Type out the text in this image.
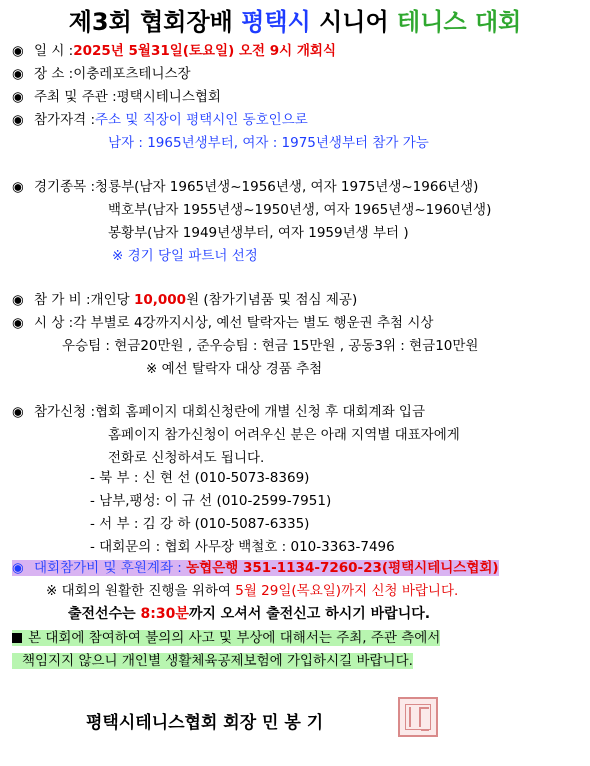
제3회 협회장배 평택시 시니어 테니스 대회
◉ 일 시 :2025년 5월31일(토요일) 오전 9시 개회식
◉ 장 소 :이충레포츠테니스장
◉ 주최 및 주관 :평택시테니스협회
◉ 참가자격 :주소 및 직장이 평택시인 동호인으로
남자 : 1965년생부터, 여자 : 1975년생부터 참가 가능
◉ 경기종목 :청룡부(남자 1965년생~1956년생, 여자 1975년생~1966년생)
백호부(남자 1955년생~1950년생, 여자 1965년생~1960년생)
봉황부(남자 1949년생부터, 여자 1959년생 부터 )
※ 경기 당일 파트너 선정
◉ 참 가 비 :개인당 10,000원 (참가기념품 및 점심 제공)
◉ 시 상 :각 부별로 4강까지시상, 예선 탈락자는 별도 행운권 추첨 시상
우승팀 : 현금20만원 , 준우승팀 : 현금 15만원 , 공동3위 : 현금10만원
※ 예선 탈락자 대상 경품 추첨
◉ 참가신청 :협회 홈페이지 대회신청란에 개별 신청 후 대회계좌 입금
홈페이지 참가신청이 어려우신 분은 아래 지역별 대표자에게
전화로 신청하셔도 됩니다.
- 북 부 : 신 현 선 (010-5073-8369)
- 남부,팽성: 이 규 선 (010-2599-7951)
- 서 부 : 김 강 하 (010-5087-6335)
- 대회문의 : 협회 사무장 백철호 : 010-3363-7496
◉ 대회참가비 및 후원계좌 : 농협은행 351-1134-7260-23(평택시테니스협회)
※ 대회의 원활한 진행을 위하여 5월 29일(목요일)까지 신청 바랍니다.
출전선수는 8:30분까지 오셔서 출전신고 하시기 바랍니다.
본 대회에 참여하여 불의의 사고 및 부상에 대해서는 주최, 주관 측에서
책임지지 않으니 개인별 생활체육공제보험에 가입하시길 바랍니다.
평택시테니스협회 회장 민 봉 기
